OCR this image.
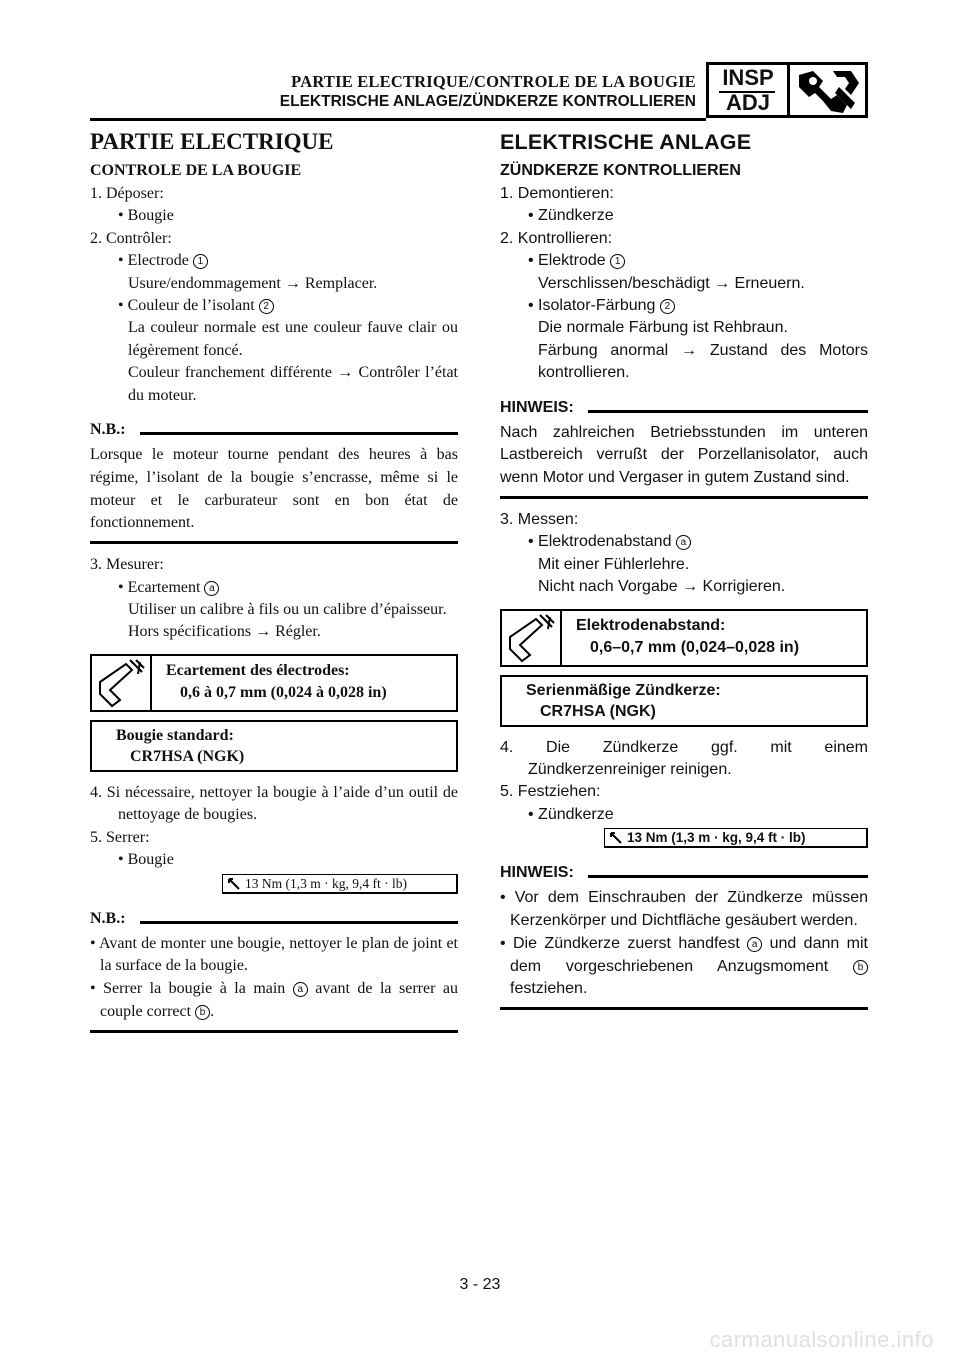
PARTIE ELECTRIQUE/CONTROLE DE LA BOUGIE
ELEKTRISCHE ANLAGE/ZÜNDKERZE KONTROLLIEREN
INSP
ADJ
PARTIE ELECTRIQUE
CONTROLE DE LA BOUGIE
1. Déposer:
• Bougie
2. Contrôler:
• Electrode 1
Usure/endommagement → Remplacer.
• Couleur de l’isolant 2
La couleur normale est une couleur fauve clair ou légèrement foncé.
Couleur franchement différente → Contrôler l’état du moteur.
N.B.:
Lorsque le moteur tourne pendant des heures à bas régime, l’isolant de la bougie s’encrasse, même si le moteur et le carburateur sont en bon état de fonctionnement.
3. Mesurer:
• Ecartement a
Utiliser un calibre à fils ou un calibre d’épaisseur.
Hors spécifications → Régler.
Ecartement des électrodes:
0,6 à 0,7 mm (0,024 à 0,028 in)
Bougie standard:
CR7HSA (NGK)
4. Si nécessaire, nettoyer la bougie à l’aide d’un outil de nettoyage de bougies.
5. Serrer:
• Bougie
13 Nm (1,3 m · kg, 9,4 ft · lb)
N.B.:
• Avant de monter une bougie, nettoyer le plan de joint et la surface de la bougie.
• Serrer la bougie à la main a avant de la serrer au couple correct b .
ELEKTRISCHE ANLAGE
ZÜNDKERZE KONTROLLIEREN
1. Demontieren:
• Zündkerze
2. Kontrollieren:
• Elektrode 1
Verschlissen/beschädigt → Erneuern.
• Isolator-Färbung 2
Die normale Färbung ist Rehbraun.
Färbung anormal → Zustand des Motors kontrollieren.
HINWEIS:
Nach zahlreichen Betriebsstunden im unteren Lastbereich verrußt der Porzellanisolator, auch wenn Motor und Vergaser in gutem Zustand sind.
3. Messen:
• Elektrodenabstand a
Mit einer Fühlerlehre.
Nicht nach Vorgabe → Korrigieren.
Elektrodenabstand:
0,6–0,7 mm (0,024–0,028 in)
Serienmäßige Zündkerze:
CR7HSA (NGK)
4. Die Zündkerze ggf. mit einem Zündkerzenreiniger reinigen.
5. Festziehen:
• Zündkerze
13 Nm (1,3 m · kg, 9,4 ft · lb)
HINWEIS:
• Vor dem Einschrauben der Zündkerze müssen Kerzenkörper und Dichtfläche gesäubert werden.
• Die Zündkerze zuerst handfest a und dann mit dem vorgeschriebenen Anzugsmoment b festziehen.
3 - 23
carmanualsonline.info
